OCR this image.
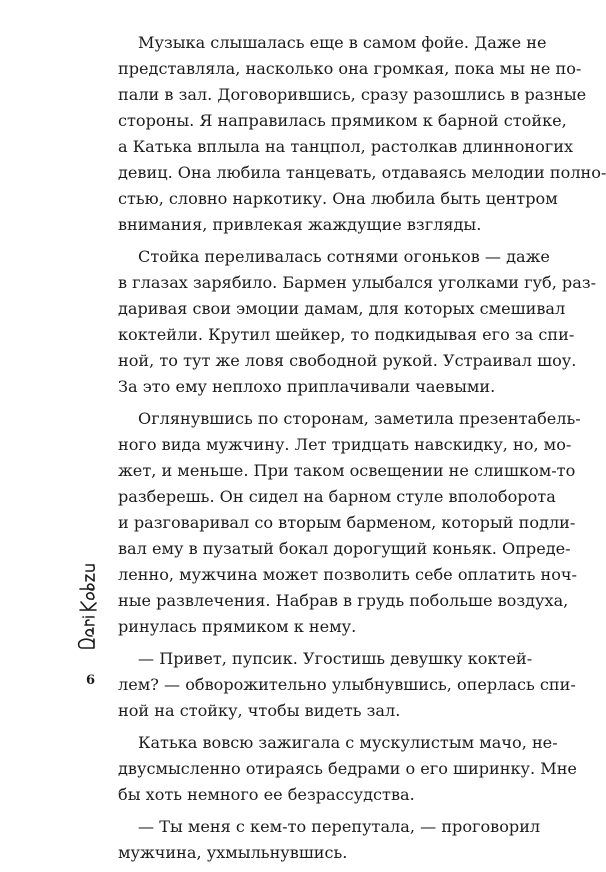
Музыка слышалась еще в самом фойе. Даже не
представляла, насколько она громкая, пока мы не по-
пали в зал. Договорившись, сразу разошлись в разные
стороны. Я направилась прямиком к барной стойке,
а Катька вплыла на танцпол, растолкав длинноногих
девиц. Она любила танцевать, отдаваясь мелодии полно-
стью, словно наркотику. Она любила быть центром
внимания, привлекая жаждущие взгляды.
Стойка переливалась сотнями огоньков — даже
в глазах зарябило. Бармен улыбался уголками губ, раз-
даривая свои эмоции дамам, для которых смешивал
коктейли. Крутил шейкер, то подкидывая его за спи-
ной, то тут же ловя свободной рукой. Устраивал шоу.
За это ему неплохо приплачивали чаевыми.
Оглянувшись по сторонам, заметила презентабель-
ного вида мужчину. Лет тридцать навскидку, но, мо-
жет, и меньше. При таком освещении не слишком-то
разберешь. Он сидел на барном стуле вполоборота
и разговаривал со вторым барменом, который подли-
вал ему в пузатый бокал дорогущий коньяк. Опреде-
ленно, мужчина может позволить себе оплатить ноч-
ные развлечения. Набрав в грудь побольше воздуха,
ринулась прямиком к нему.
— Привет, пупсик. Угостишь девушку коктей-
лем? — обворожительно улыбнувшись, оперлась спи-
ной на стойку, чтобы видеть зал.
Катька вовсю зажигала с мускулистым мачо, не-
двусмысленно отираясь бедрами о его ширинку. Мне
бы хоть немного ее безрассудства.
— Ты меня с кем-то перепутала, — проговорил
мужчина, ухмыльнувшись.
6
